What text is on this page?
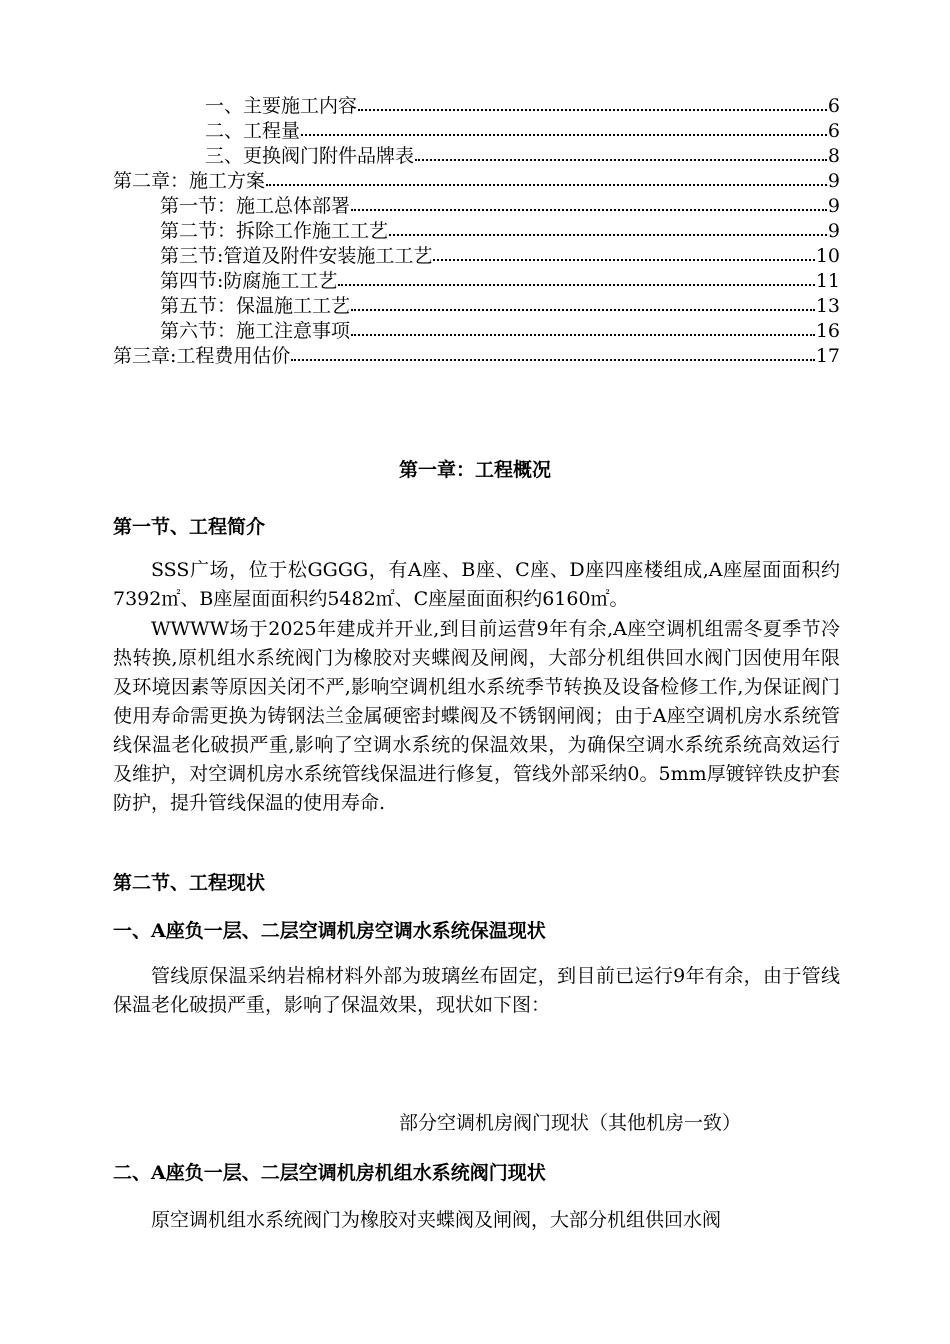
一、主要施工内容	6
二、工程量	6
三、更换阀门附件品牌表	8
第二章：施工方案	9
第一节：施工总体部署	9
第二节：拆除工作施工工艺	9
第三节:管道及附件安装施工工艺	10
第四节:防腐施工工艺	11
第五节：保温施工工艺	13
第六节：施工注意事项	16
第三章:工程费用估价	17
第一章：工程概况
第一节、工程简介
SSS广场，位于松GGGG，有A座、B座、C座、D座四座楼组成,A座屋面面积约7392㎡、B座屋面面积约5482㎡、C座屋面面积约6160㎡。
WWWW场于2025年建成并开业,到目前运营9年有余,A座空调机组需冬夏季节冷热转换,原机组水系统阀门为橡胶对夹蝶阀及闸阀，大部分机组供回水阀门因使用年限及环境因素等原因关闭不严,影响空调机组水系统季节转换及设备检修工作,为保证阀门使用寿命需更换为铸钢法兰金属硬密封蝶阀及不锈钢闸阀；由于A座空调机房水系统管线保温老化破损严重,影响了空调水系统的保温效果，为确保空调水系统系统高效运行及维护，对空调机房水系统管线保温进行修复，管线外部采纳0。5mm厚镀锌铁皮护套防护，提升管线保温的使用寿命.
第二节、工程现状
一、A座负一层、二层空调机房空调水系统保温现状
管线原保温采纳岩棉材料外部为玻璃丝布固定，到目前已运行9年有余，由于管线保温老化破损严重，影响了保温效果，现状如下图：
部分空调机房阀门现状（其他机房一致）
二、A座负一层、二层空调机房机组水系统阀门现状
原空调机组水系统阀门为橡胶对夹蝶阀及闸阀，大部分机组供回水阀
